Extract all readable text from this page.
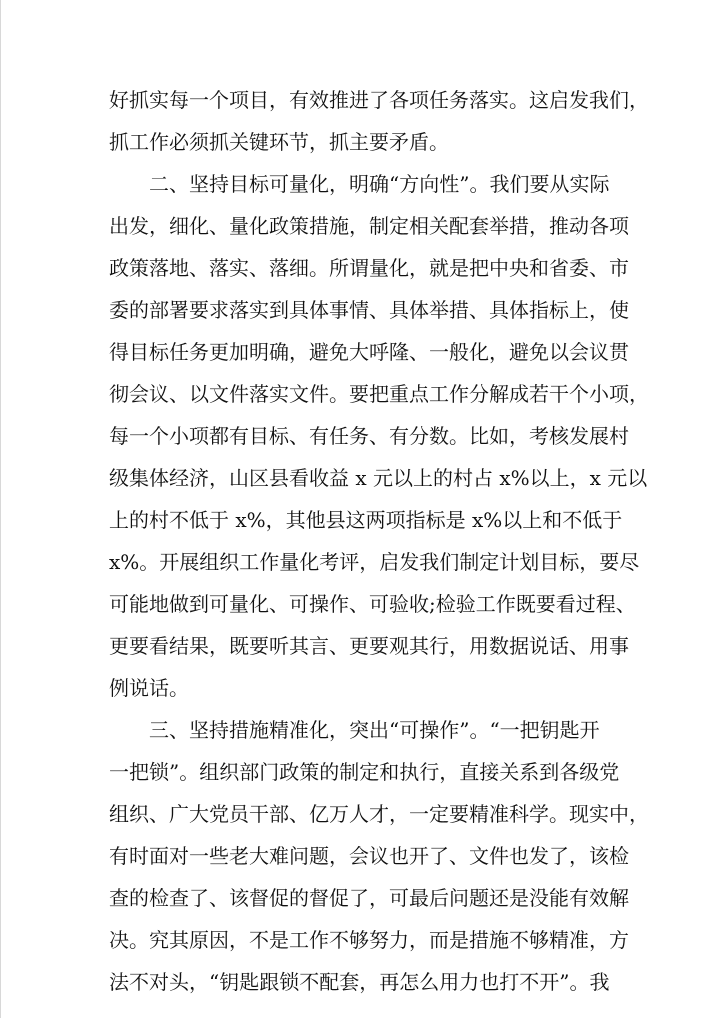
好抓实每一个项目，有效推进了各项任务落实。这启发我们，
抓工作必须抓关键环节，抓主要矛盾。
二、坚持目标可量化，明确“方向性”。我们要从实际
出发，细化、量化政策措施，制定相关配套举措，推动各项
政策落地、落实、落细。所谓量化，就是把中央和省委、市
委的部署要求落实到具体事情、具体举措、具体指标上，使
得目标任务更加明确，避免大呼隆、一般化，避免以会议贯
彻会议、以文件落实文件。要把重点工作分解成若干个小项，
每一个小项都有目标、有任务、有分数。比如，考核发展村
级集体经济，山区县看收益 x 元以上的村占 x%以上，x 元以
上的村不低于 x%，其他县这两项指标是 x%以上和不低于
x%。开展组织工作量化考评，启发我们制定计划目标，要尽
可能地做到可量化、可操作、可验收;检验工作既要看过程、
更要看结果，既要听其言、更要观其行，用数据说话、用事
例说话。
三、坚持措施精准化，突出“可操作”。“一把钥匙开
一把锁”。组织部门政策的制定和执行，直接关系到各级党
组织、广大党员干部、亿万人才，一定要精准科学。现实中，
有时面对一些老大难问题，会议也开了、文件也发了，该检
查的检查了、该督促的督促了，可最后问题还是没能有效解
决。究其原因，不是工作不够努力，而是措施不够精准，方
法不对头，“钥匙跟锁不配套，再怎么用力也打不开”。我
